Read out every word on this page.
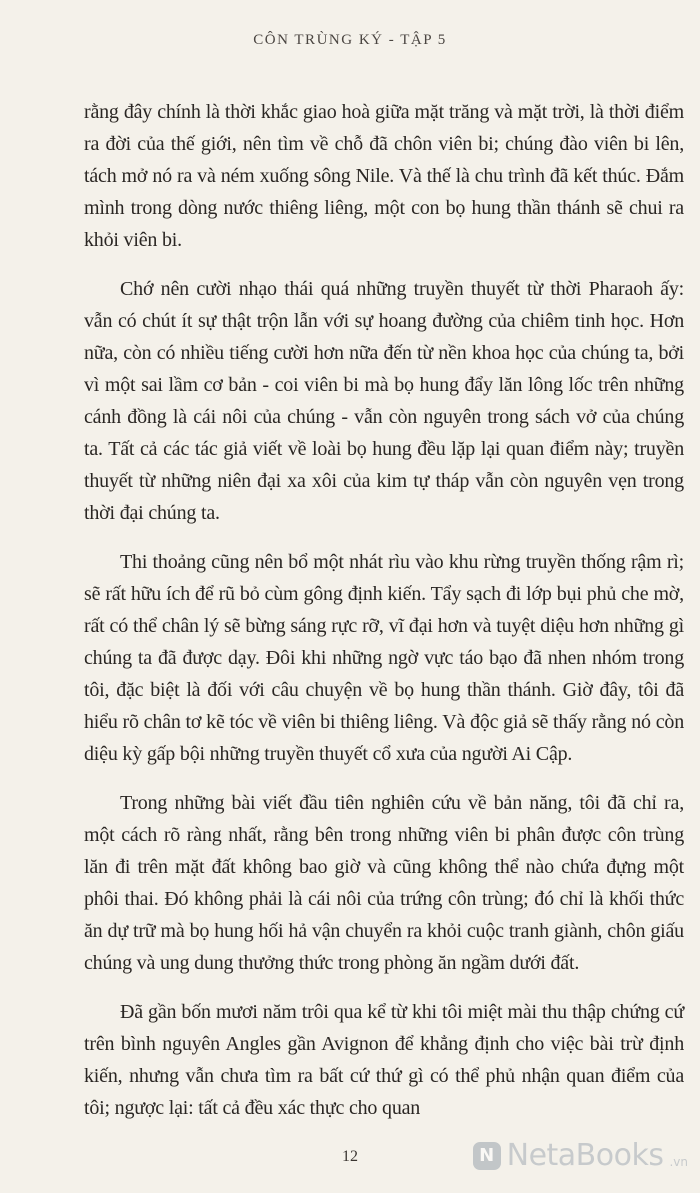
CÔN TRÙNG KÝ - TẬP 5

rằng đây chính là thời khắc giao hoà giữa mặt trăng và mặt trời, là thời điểm ra đời của thế giới, nên tìm về chỗ đã chôn viên bi; chúng đào viên bi lên, tách mở nó ra và ném xuống sông Nile. Và thế là chu trình đã kết thúc. Đắm mình trong dòng nước thiêng liêng, một con bọ hung thần thánh sẽ chui ra khỏi viên bi.

Chớ nên cười nhạo thái quá những truyền thuyết từ thời Pharaoh ấy: vẫn có chút ít sự thật trộn lẫn với sự hoang đường của chiêm tinh học. Hơn nữa, còn có nhiều tiếng cười hơn nữa đến từ nền khoa học của chúng ta, bởi vì một sai lầm cơ bản - coi viên bi mà bọ hung đẩy lăn lông lốc trên những cánh đồng là cái nôi của chúng - vẫn còn nguyên trong sách vở của chúng ta. Tất cả các tác giả viết về loài bọ hung đều lặp lại quan điểm này; truyền thuyết từ những niên đại xa xôi của kim tự tháp vẫn còn nguyên vẹn trong thời đại chúng ta.

Thi thoảng cũng nên bổ một nhát rìu vào khu rừng truyền thống rậm rì; sẽ rất hữu ích để rũ bỏ cùm gông định kiến. Tẩy sạch đi lớp bụi phủ che mờ, rất có thể chân lý sẽ bừng sáng rực rỡ, vĩ đại hơn và tuyệt diệu hơn những gì chúng ta đã được dạy. Đôi khi những ngờ vực táo bạo đã nhen nhóm trong tôi, đặc biệt là đối với câu chuyện về bọ hung thần thánh. Giờ đây, tôi đã hiểu rõ chân tơ kẽ tóc về viên bi thiêng liêng. Và độc giả sẽ thấy rằng nó còn diệu kỳ gấp bội những truyền thuyết cổ xưa của người Ai Cập.

Trong những bài viết đầu tiên nghiên cứu về bản năng, tôi đã chỉ ra, một cách rõ ràng nhất, rằng bên trong những viên bi phân được côn trùng lăn đi trên mặt đất không bao giờ và cũng không thể nào chứa đựng một phôi thai. Đó không phải là cái nôi của trứng côn trùng; đó chỉ là khối thức ăn dự trữ mà bọ hung hối hả vận chuyển ra khỏi cuộc tranh giành, chôn giấu chúng và ung dung thưởng thức trong phòng ăn ngầm dưới đất.

Đã gần bốn mươi năm trôi qua kể từ khi tôi miệt mài thu thập chứng cứ trên bình nguyên Angles gần Avignon để khẳng định cho việc bài trừ định kiến, nhưng vẫn chưa tìm ra bất cứ thứ gì có thể phủ nhận quan điểm của tôi; ngược lại: tất cả đều xác thực cho quan

12	N NetaBooks .vn
